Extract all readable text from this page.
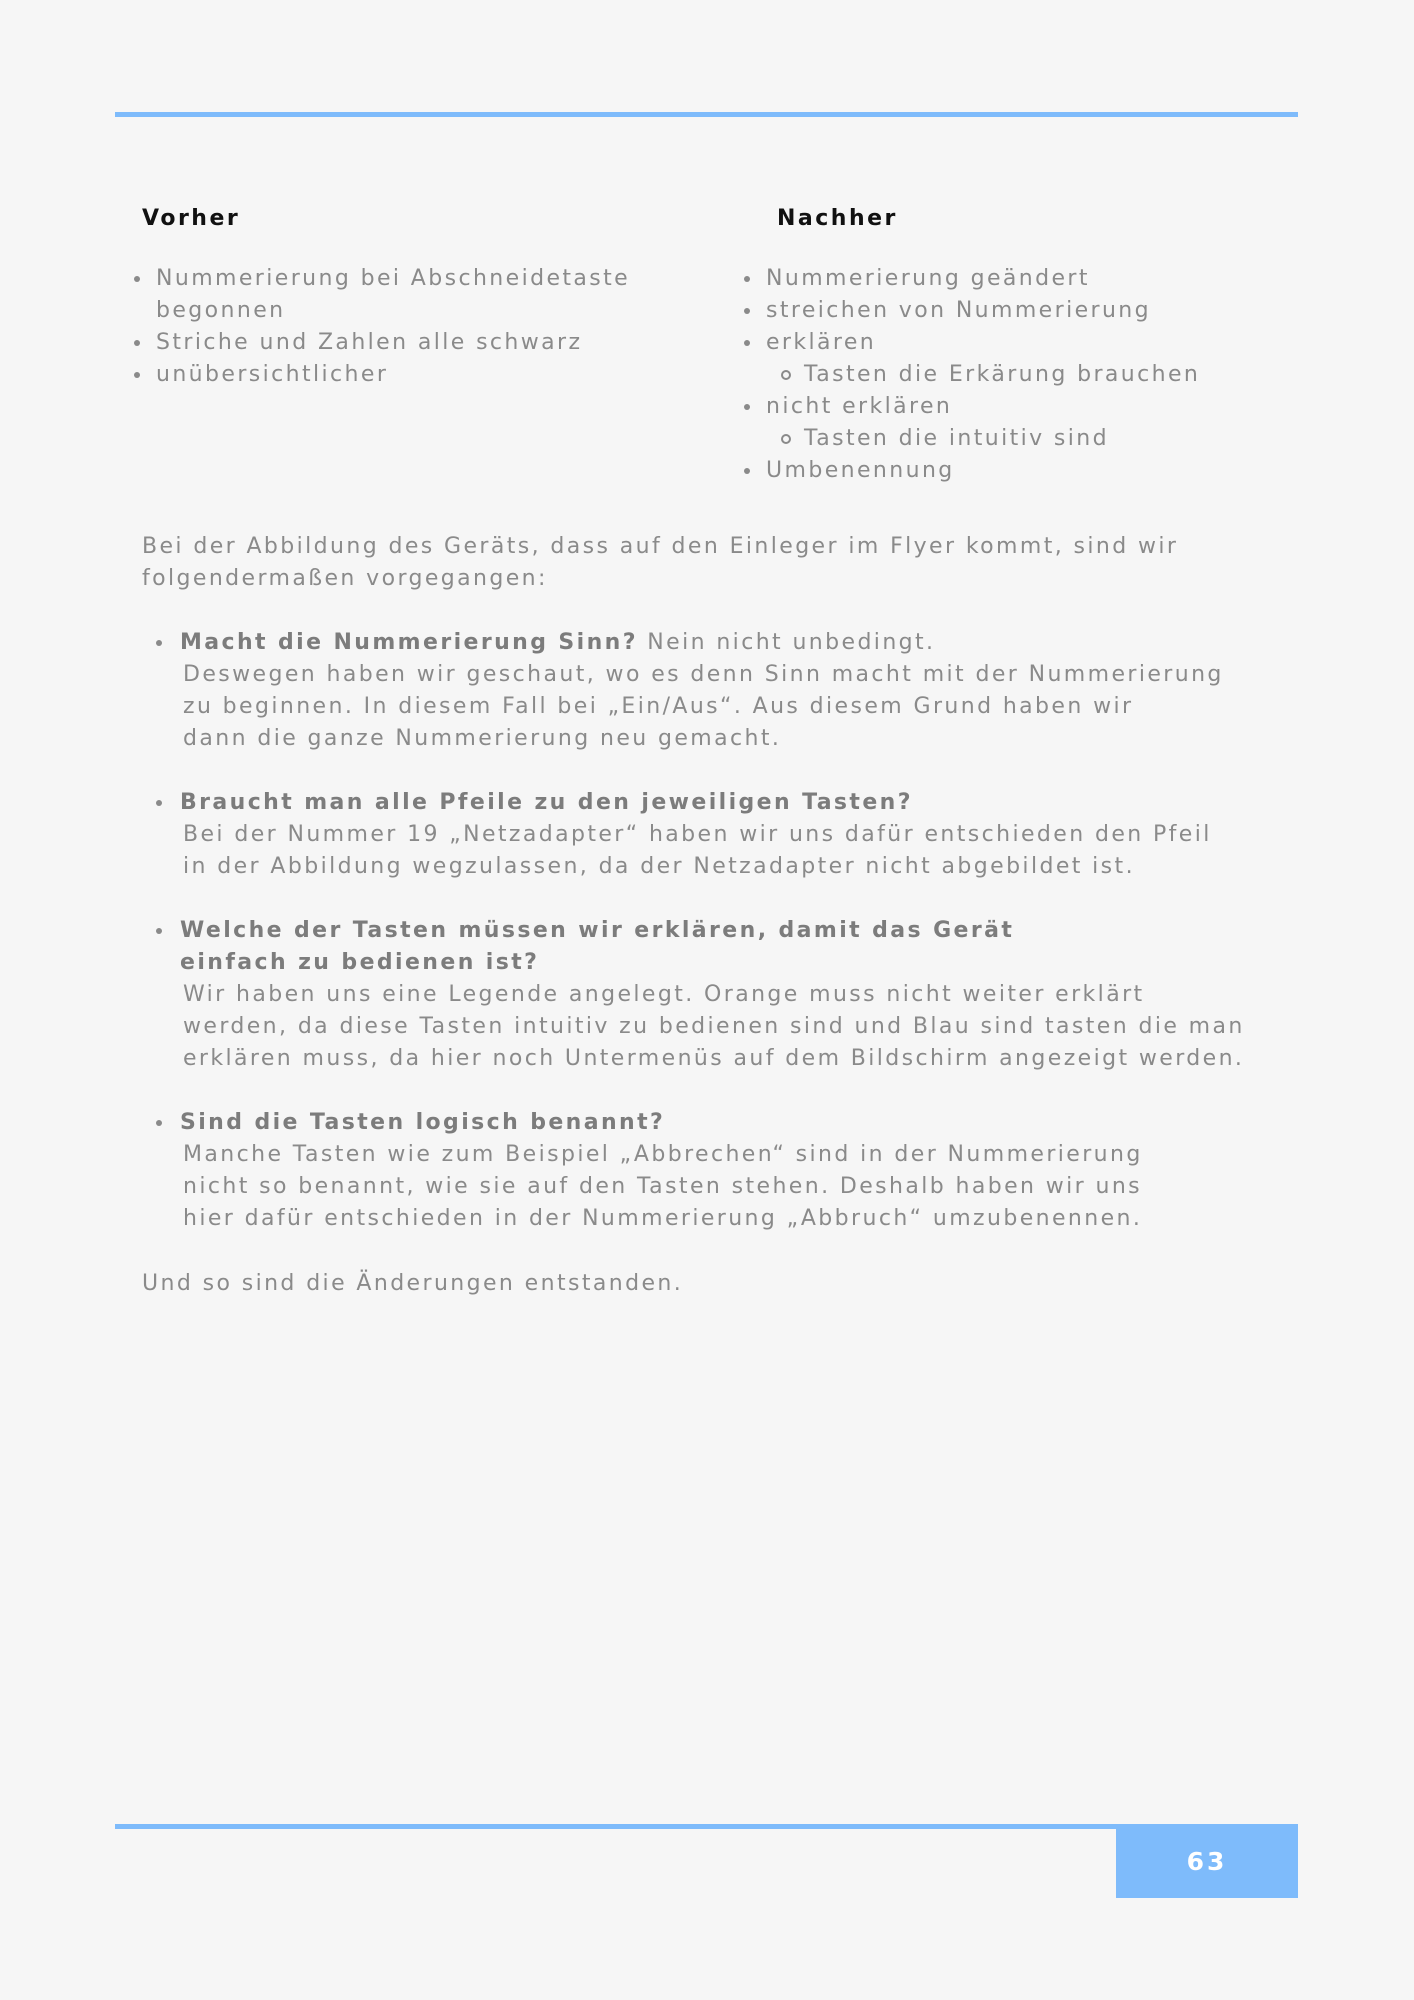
Vorher	Nachher
Nummerierung bei Abschneidetaste begonnen
Striche und Zahlen alle schwarz
unübersichtlicher
Nummerierung geändert
streichen von Nummerierung
erklären
Tasten die Erkärung brauchen
nicht erklären
Tasten die intuitiv sind
Umbenennung

Bei der Abbildung des Geräts, dass auf den Einleger im Flyer kommt, sind wir folgendermaßen vorgegangen:

Macht die Nummerierung Sinn? Nein nicht unbedingt.
Deswegen haben wir geschaut, wo es denn Sinn macht mit der Nummerierung
zu beginnen. In diesem Fall bei „Ein/Aus“. Aus diesem Grund haben wir
dann die ganze Nummerierung neu gemacht.
Braucht man alle Pfeile zu den jeweiligen Tasten?
Bei der Nummer 19 „Netzadapter“ haben wir uns dafür entschieden den Pfeil
in der Abbildung wegzulassen, da der Netzadapter nicht abgebildet ist.
Welche der Tasten müssen wir erklären, damit das Gerät einfach zu bedienen ist?
Wir haben uns eine Legende angelegt. Orange muss nicht weiter erklärt
werden, da diese Tasten intuitiv zu bedienen sind und Blau sind tasten die man
erklären muss, da hier noch Untermenüs auf dem Bildschirm angezeigt werden.
Sind die Tasten logisch benannt?
Manche Tasten wie zum Beispiel „Abbrechen“ sind in der Nummerierung
nicht so benannt, wie sie auf den Tasten stehen. Deshalb haben wir uns
hier dafür entschieden in der Nummerierung „Abbruch“ umzubenennen.

Und so sind die Änderungen entstanden.

63
